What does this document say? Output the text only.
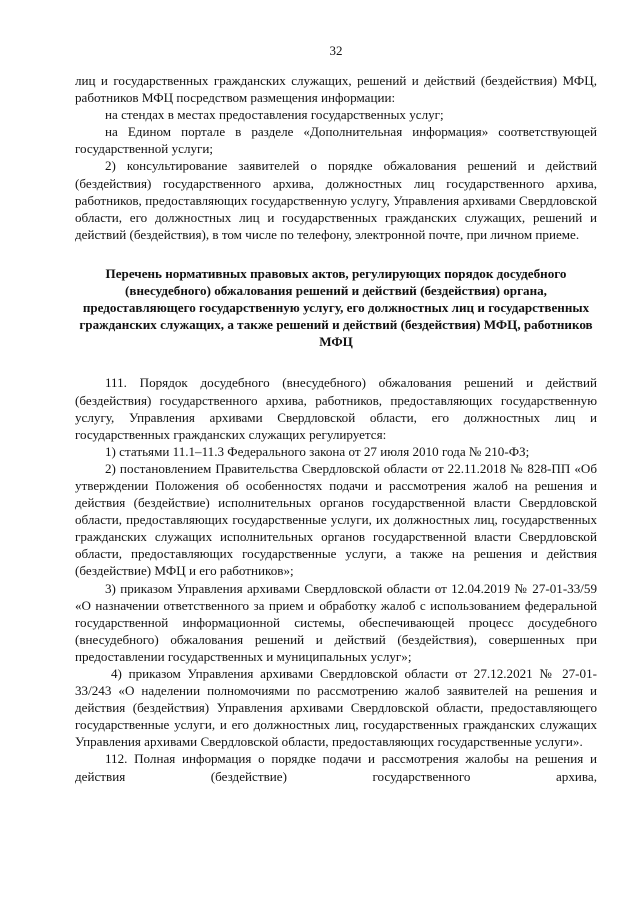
32

лиц и государственных гражданских служащих, решений и действий (бездействия) МФЦ, работников МФЦ посредством размещения информации:

на стендах в местах предоставления государственных услуг;

на Едином портале в разделе «Дополнительная информация» соответствующей государственной услуги;

2) консультирование заявителей о порядке обжалования решений и действий (бездействия) государственного архива, должностных лиц государственного архива, работников, предоставляющих государственную услугу, Управления архивами Свердловской области, его должностных лиц и государственных гражданских служащих, решений и действий (бездействия), в том числе по телефону, электронной почте, при личном приеме.

Перечень нормативных правовых актов, регулирующих порядок досудебного (внесудебного) обжалования решений и действий (бездействия) органа, предоставляющего государственную услугу, его должностных лиц и государственных гражданских служащих, а также решений и действий (бездействия) МФЦ, работников МФЦ

111. Порядок досудебного (внесудебного) обжалования решений и действий (бездействия) государственного архива, работников, предоставляющих государственную услугу, Управления архивами Свердловской области, его должностных лиц и государственных гражданских служащих регулируется:

1) статьями 11.1–11.3 Федерального закона от 27 июля 2010 года № 210-ФЗ;

2) постановлением Правительства Свердловской области от 22.11.2018 № 828-ПП «Об утверждении Положения об особенностях подачи и рассмотрения жалоб на решения и действия (бездействие) исполнительных органов государственной власти Свердловской области, предоставляющих государственные услуги, их должностных лиц, государственных гражданских служащих исполнительных органов государственной власти Свердловской области, предоставляющих государственные услуги, а также на решения и действия (бездействие) МФЦ и его работников»;

3) приказом Управления архивами Свердловской области от 12.04.2019 № 27-01-33/59 «О назначении ответственного за прием и обработку жалоб с использованием федеральной государственной информационной системы, обеспечивающей процесс досудебного (внесудебного) обжалования решений и действий (бездействия), совершенных при предоставлении государственных и муниципальных услуг»;

4) приказом Управления архивами Свердловской области от 27.12.2021 № 27-01-33/243 «О наделении полномочиями по рассмотрению жалоб заявителей на решения и действия (бездействия) Управления архивами Свердловской области, предоставляющего государственные услуги, и его должностных лиц, государственных гражданских служащих Управления архивами Свердловской области, предоставляющих государственные услуги».

112. Полная информация о порядке подачи и рассмотрения жалобы на решения и действия (бездействие) государственного архива,
